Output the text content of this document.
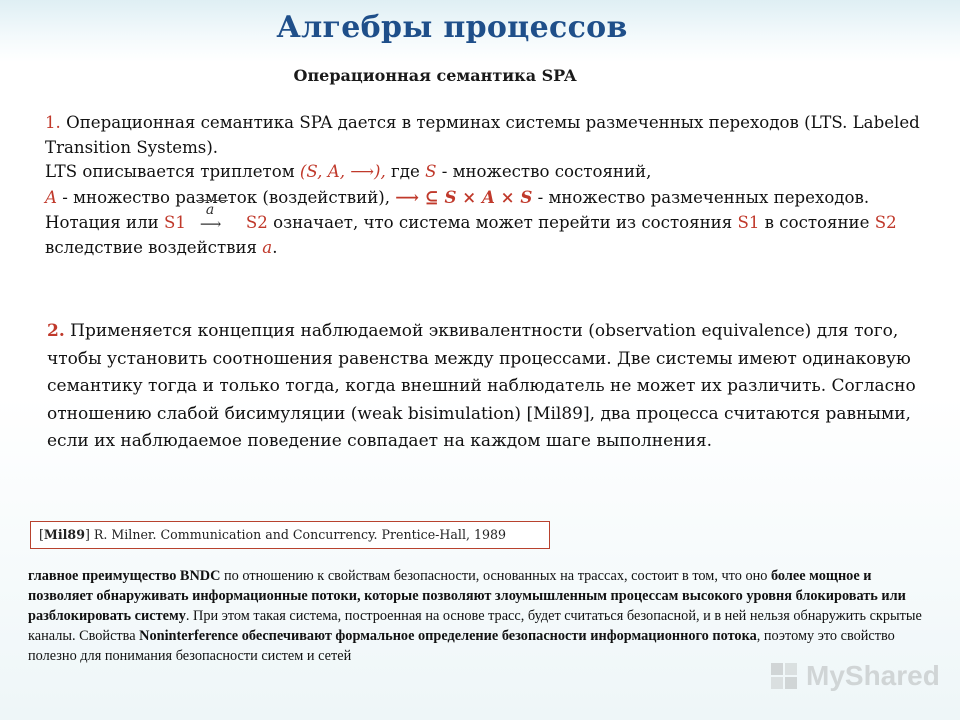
Алгебры процессов
Операционная семантика SPA
1. Операционная семантика SPA дается в терминах системы размеченных переходов (LTS. Labeled Transition Systems).
LTS описывается триплетом (S, A, ⟶), где S - множество состояний,
A - множество разметок (воздействий), ⟶ ⊆ S × A × S - множество размеченных переходов.
Нотация или S1
a
⟶ S2 означает, что система может перейти из состояния S1 в состояние S2 вследствие воздействия a.
2. Применяется концепция наблюдаемой эквивалентности (observation equivalence) для того, чтобы установить соотношения равенства между процессами. Две системы имеют одинаковую семантику тогда и только тогда, когда внешний наблюдатель не может их различить. Согласно отношению слабой бисимуляции (weak bisimulation) [Mil89], два процесса считаются равными, если их наблюдаемое поведение совпадает на каждом шаге выполнения.
[Mil89] R. Milner. Communication and Concurrency. Prentice-Hall, 1989
главное преимущество BNDC по отношению к свойствам безопасности, основанных на трассах, состоит в том, что оно более мощное и позволяет обнаруживать информационные потоки, которые позволяют злоумышленным процессам высокого уровня блокировать или разблокировать систему. При этом такая система, построенная на основе трасс, будет считаться безопасной, и в ней нельзя обнаружить скрытые каналы. Свойства Noninterference обеспечивают формальное определение безопасности информационного потока, поэтому это свойство полезно для понимания безопасности систем и сетей
MyShared
